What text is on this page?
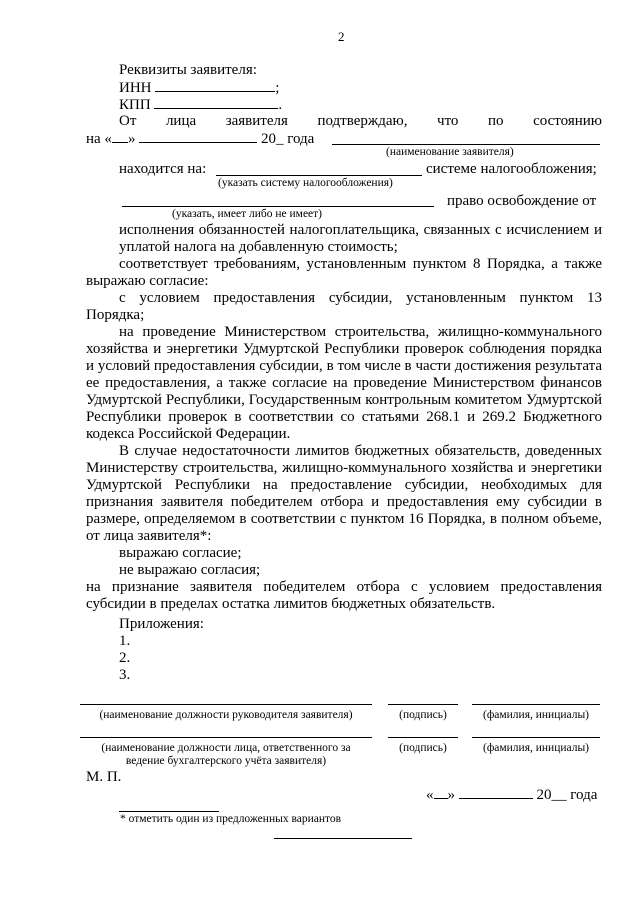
2
Реквизиты заявителя:
ИНН	;
КПП	.
От лица заявителя подтверждаю, что по состоянию
на « »	20_ года
(наименование заявителя)
находится на:	системе налогообложения;
(указать систему налогообложения)
право освобождение от
(указать, имеет либо не имеет)
исполнения обязанностей налогоплательщика, связанных с исчислением и уплатой налога на добавленную стоимость;
соответствует требованиям, установленным пунктом 8 Порядка, а также выражаю согласие:
с условием предоставления субсидии, установленным пунктом 13 Порядка;
на проведение Министерством строительства, жилищно-коммунального хозяйства и энергетики Удмуртской Республики проверок соблюдения порядка и условий предоставления субсидии, в том числе в части достижения результата ее предоставления, а также согласие на проведение Министерством финансов Удмуртской Республики, Государственным контрольным комитетом Удмуртской Республики проверок в соответствии со статьями 268.1 и 269.2 Бюджетного кодекса Российской Федерации.
В случае недостаточности лимитов бюджетных обязательств, доведенных Министерству строительства, жилищно-коммунального хозяйства и энергетики Удмуртской Республики на предоставление субсидии, необходимых для признания заявителя победителем отбора и предоставления ему субсидии в размере, определяемом в соответствии с пунктом 16 Порядка, в полном объеме, от лица заявителя*:
выражаю согласие;
не выражаю согласия;
на признание заявителя победителем отбора с условием предоставления субсидии в пределах остатка лимитов бюджетных обязательств.
Приложения:
1.
2.
3.
(наименование должности руководителя заявителя)	(подпись)	(фамилия, инициалы)
(наименование должности лица, ответственного за
ведение бухгалтерского учёта заявителя)
(подпись)	(фамилия, инициалы)
М. П.
« »	20__ года
* отметить один из предложенных вариантов
